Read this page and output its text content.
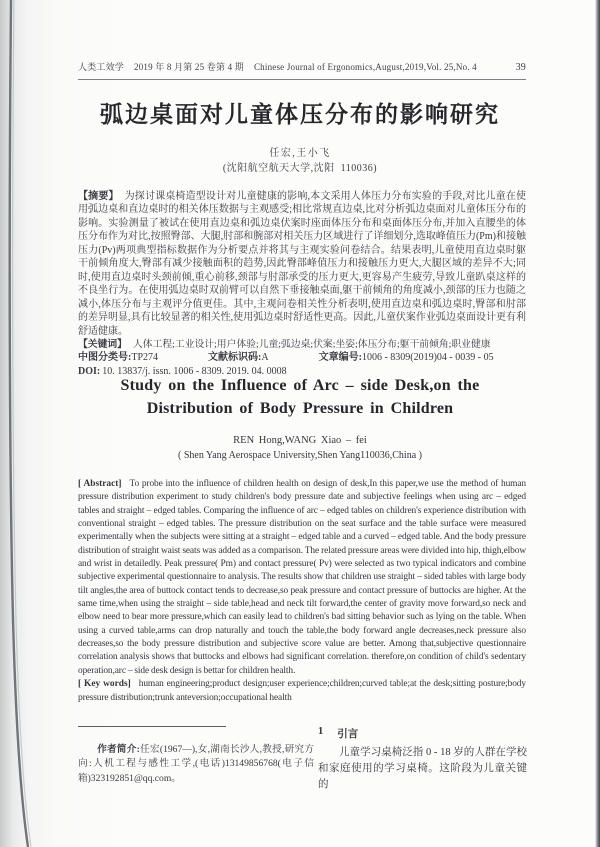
人类工效学 2019 年 8 月第 25 卷第 4 期 Chinese Journal of Ergonomics,August,2019,Vol. 25,No. 4	39
弧边桌面对儿童体压分布的影响研究
任宏,王小飞
(沈阳航空航天大学,沈阳  110036)

【摘要】 为探讨课桌椅造型设计对儿童健康的影响,本文采用人体压力分布实验的手段,对比儿童在使用弧边桌和直边桌时的相关体压数据与主观感受;相比常规直边桌,比对分析弧边桌面对儿童体压分布的影响。实验测量了被试在使用直边桌和弧边桌伏案时座面体压分布和桌面体压分布,并加入直腰坐的体压分布作为对比,按照臀部、大腿,肘部和腕部对相关压力区域进行了详细划分,选取峰值压力(Pm)和接触压力(Pv)两项典型指标数据作为分析要点并将其与主观实验问卷结合。结果表明,儿童使用直边桌时躯干前倾角度大,臀部有减少接触面积的趋势,因此臀部峰值压力和接触压力更大,大腿区域的差异不大;同时,使用直边桌时头颈前倾,重心前移,颈部与肘部承受的压力更大,更容易产生疲劳,导致儿童趴桌这样的不良坐行为。在使用弧边桌时双前臂可以自然下垂接触桌面,躯干前倾角的角度减小,颈部的压力也随之减小,体压分布与主观评分值更佳。其中,主观问卷相关性分析表明,使用直边桌和弧边桌时,臀部和肘部的差异明显,具有比较显著的相关性,使用弧边桌时舒适性更高。因此,儿童伏案作业弧边桌面设计更有利舒适健康。

【关键词】 人体工程;工业设计;用户体验;儿童;弧边桌;伏案;坐姿;体压分布;躯干前倾角;职业健康

中图分类号:TP274	文献标识码:A	文章编号:1006 - 8309(2019)04 - 0039 - 05

DOI: 10. 13837/j. issn. 1006 - 8309. 2019. 04. 0008

Study on the Influence of Arc – side Desk,on the
Distribution of Body Pressure in Children

REN Hong,WANG Xiao – fei
( Shen Yang Aerospace University,Shen Yang110036,China )

[ Abstract] To probe into the influence of children health on design of desk,In this paper,we use the method of human pressure distribution experiment to study children's body pressure date and subjective feelings when using arc – edged tables and straight – edged tables. Comparing the influence of arc – edged tables on children's experience distribution with conventional straight – edged tables. The pressure distribution on the seat surface and the table surface were measured experimentally when the subjects were sitting at a straight – edged table and a curved – edged table. And the body pressure distribution of straight waist seats was added as a comparison. The related pressure areas were divided into hip, thigh,elbow and wrist in detailedly. Peak pressure( Pm) and contact pressure( Pv) were selected as two typical indicators and combine subjective experimental questionnaire to analysis. The results show that children use straight – sided tables with large body tilt angles,the area of buttock contact tends to decrease,so peak pressure and contact pressure of buttocks are higher. At the same time,when using the straight – side table,head and neck tilt forward,the center of gravity move forward,so neck and elbow need to bear more pressure,which can easily lead to children's bad sitting behavior such as lying on the table. When using a curved table,arms can drop naturally and touch the table,the body forward angle decreases,neck pressure also decreases,so the body pressure distribution and subjective score value are better. Among that,subjective questionnaire correlation analysis shows that buttocks and elbows had significant correlation. therefore,on condition of child's sedentary operation,arc – side desk design is bettar for children health.

[ Key words] human engineering;product design;user experience;children;curved table;at the desk;sitting posture;body pressure distribution;trunk anteversion;occupational health

作者简介:任宏(1967—),女,湖南长沙人,教授,研究方向:人机工程与感性工学,(电话)13149856768(电子信箱)323192851@qq.com。

1 引言

儿童学习桌椅泛指 0 - 18 岁的人群在学校和家庭使用的学习桌椅。这阶段为儿童关键的
